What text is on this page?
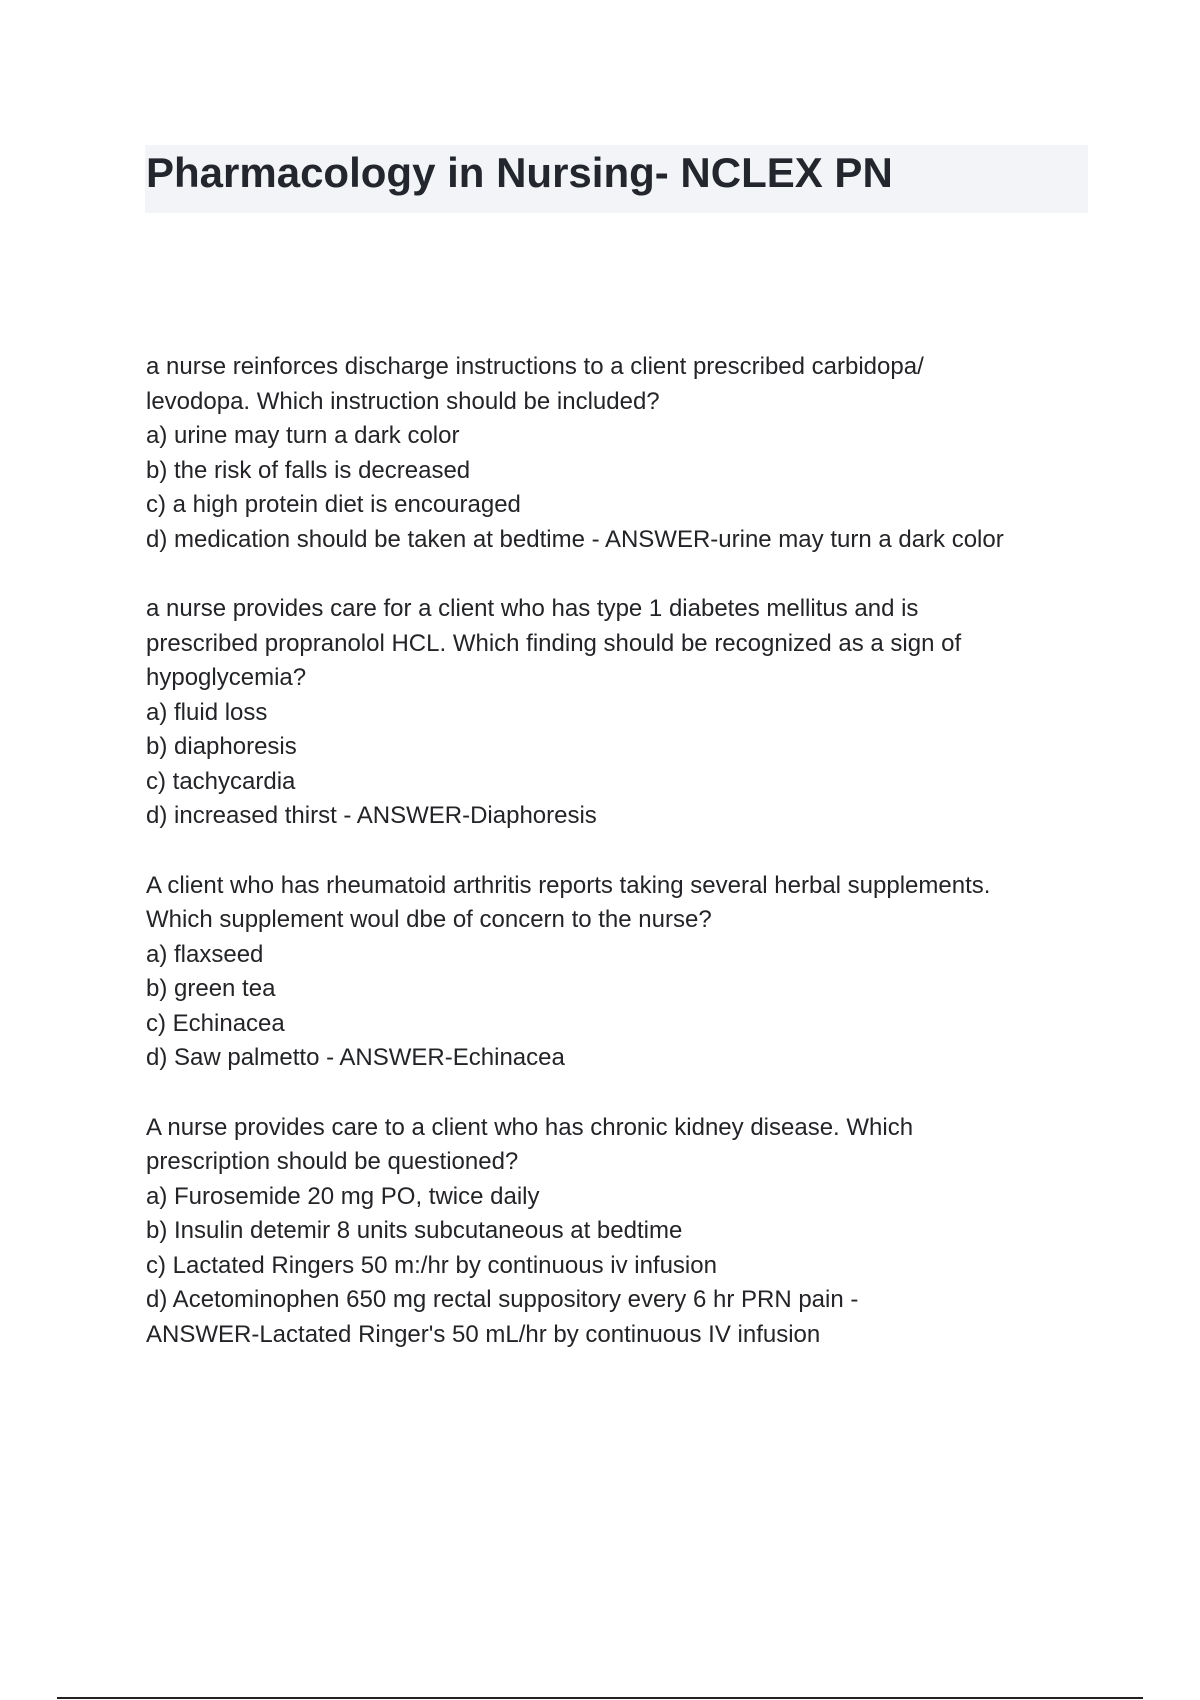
Pharmacology in Nursing- NCLEX PN
a nurse reinforces discharge instructions to a client prescribed carbidopa/
levodopa. Which instruction should be included?
a) urine may turn a dark color
b) the risk of falls is decreased
c) a high protein diet is encouraged
d) medication should be taken at bedtime - ANSWER-urine may turn a dark color
a nurse provides care for a client who has type 1 diabetes mellitus and is
prescribed propranolol HCL. Which finding should be recognized as a sign of
hypoglycemia?
a) fluid loss
b) diaphoresis
c) tachycardia
d) increased thirst - ANSWER-Diaphoresis
A client who has rheumatoid arthritis reports taking several herbal supplements.
Which supplement woul dbe of concern to the nurse?
a) flaxseed
b) green tea
c) Echinacea
d) Saw palmetto - ANSWER-Echinacea
A nurse provides care to a client who has chronic kidney disease. Which
prescription should be questioned?
a) Furosemide 20 mg PO, twice daily
b) Insulin detemir 8 units subcutaneous at bedtime
c) Lactated Ringers 50 m:/hr by continuous iv infusion
d) Acetominophen 650 mg rectal suppository every 6 hr PRN pain -
ANSWER-Lactated Ringer's 50 mL/hr by continuous IV infusion
